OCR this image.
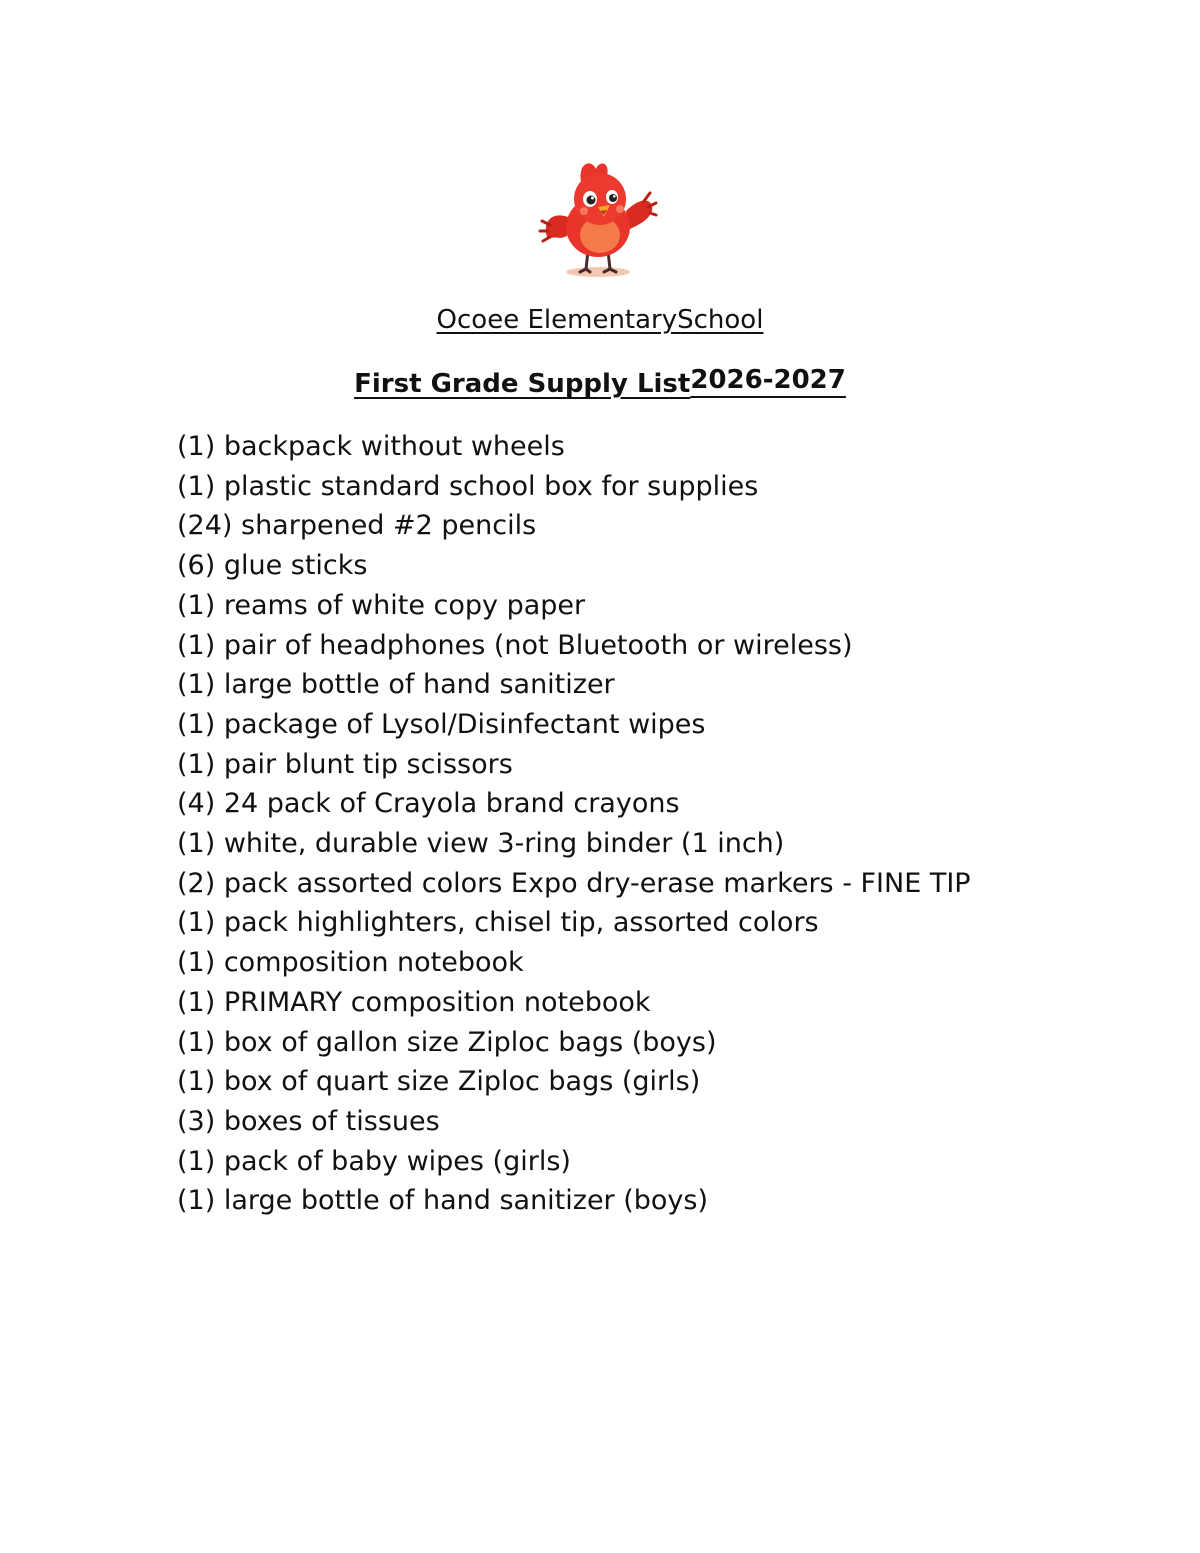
Ocoee ElementarySchool
First Grade Supply List2026-2027
(1) backpack without wheels
(1) plastic standard school box for supplies
(24) sharpened #2 pencils
(6) glue sticks
(1) reams of white copy paper
(1) pair of headphones (not Bluetooth or wireless)
(1) large bottle of hand sanitizer
(1) package of Lysol/Disinfectant wipes
(1) pair blunt tip scissors
(4) 24 pack of Crayola brand crayons
(1) white, durable view 3-ring binder (1 inch)
(2) pack assorted colors Expo dry-erase markers - FINE TIP
(1) pack highlighters, chisel tip, assorted colors
(1) composition notebook
(1) PRIMARY composition notebook
(1) box of gallon size Ziploc bags (boys)
(1) box of quart size Ziploc bags (girls)
(3) boxes of tissues
(1) pack of baby wipes (girls)
(1) large bottle of hand sanitizer (boys)
